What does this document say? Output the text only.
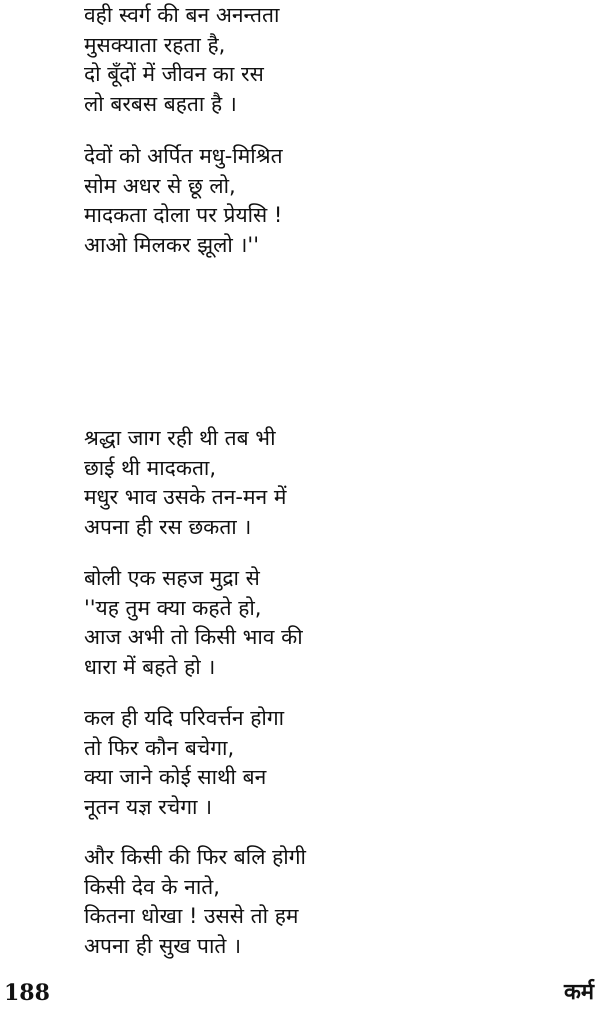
वही स्वर्ग की बन अनन्तता
मुसक्याता रहता है,
दो बूँदों में जीवन का रस
लो बरबस बहता है ।
देवों को अर्पित मधु-मिश्रित
सोम अधर से छू लो,
मादकता दोला पर प्रेयसि !
आओ मिलकर झूलो ।''
श्रद्धा जाग रही थी तब भी
छाई थी मादकता,
मधुर भाव उसके तन-मन में
अपना ही रस छकता ।
बोली एक सहज मुद्रा से
''यह तुम क्या कहते हो,
आज अभी तो किसी भाव की
धारा में बहते हो ।
कल ही यदि परिवर्त्तन होगा
तो फिर कौन बचेगा,
क्या जाने कोई साथी बन
नूतन यज्ञ रचेगा ।
और किसी की फिर बलि होगी
किसी देव के नाते,
कितना धोखा ! उससे तो हम
अपना ही सुख पाते ।
188	कर्म
